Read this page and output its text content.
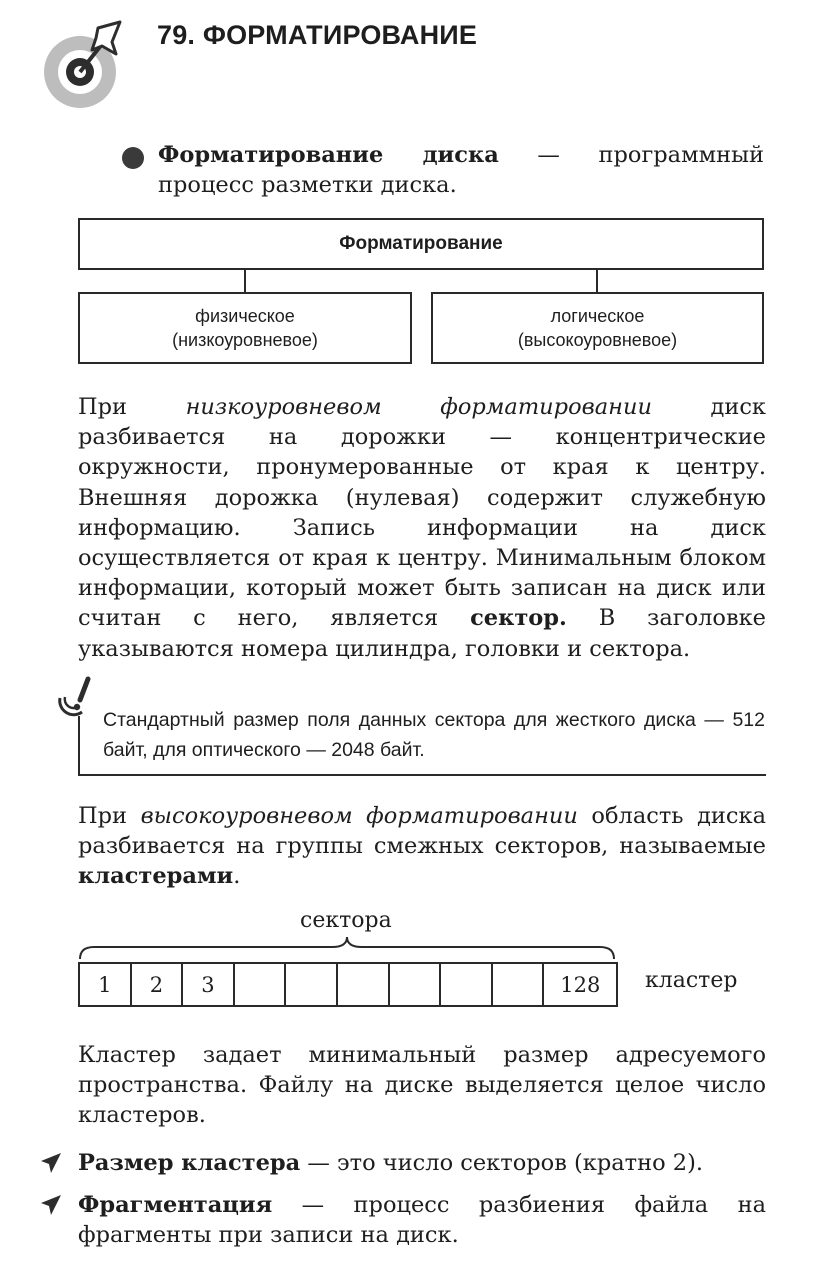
79. ФОРМАТИРОВАНИЕ
Форматирование диска — программный процесс разметки диска.
Форматирование
физическое
(низкоуровневое)
логическое
(высокоуровневое)
При низкоуровневом форматировании диск разбивается на дорожки — концентрические окружности, пронумерованные от края к центру. Внешняя дорожка (нулевая) содержит служебную информацию. Запись информации на диск осуществляется от края к центру. Минимальным блоком информации, который может быть записан на диск или считан с него, является сектор. В заголовке указываются номера цилиндра, головки и сектора.
Стандартный размер поля данных сектора для жесткого диска — 512 байт, для оптического — 2048 байт.
При высокоуровневом форматировании область диска разбивается на группы смежных секторов, называемые кластерами.
сектора
1	2	3	128	кластер
Кластер задает минимальный размер адресуемого пространства. Файлу на диске выделяется целое число кластеров.
Размер кластера — это число секторов (кратно 2).
Фрагментация — процесс разбиения файла на фрагменты при записи на диск.
